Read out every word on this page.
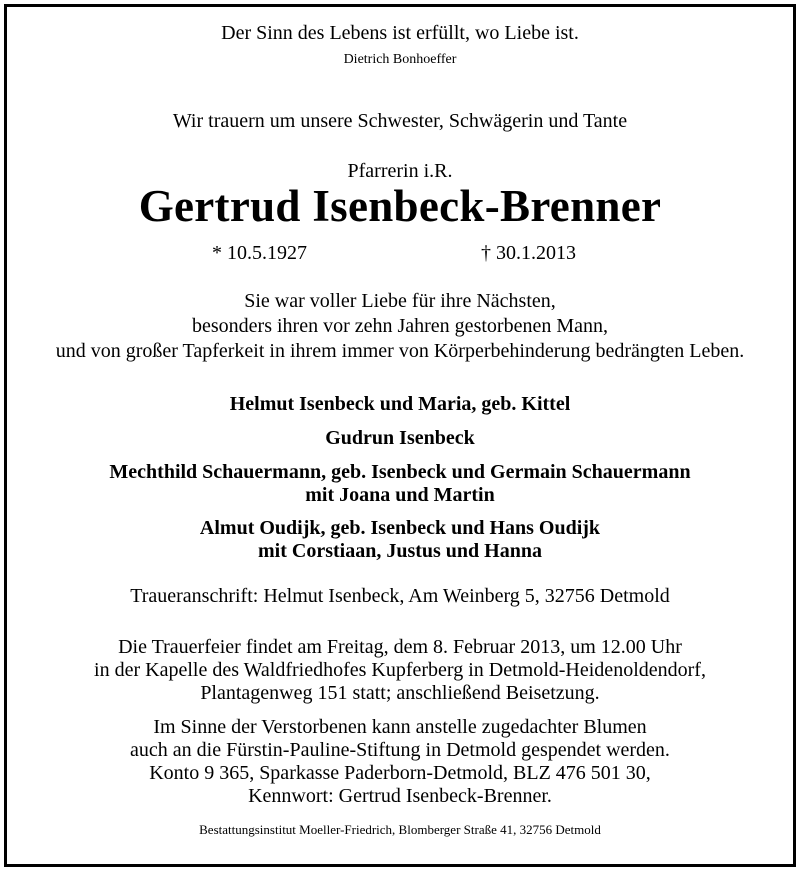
Der Sinn des Lebens ist erfüllt, wo Liebe ist.
Dietrich Bonhoeffer
Wir trauern um unsere Schwester, Schwägerin und Tante
Pfarrerin i.R.
Gertrud Isenbeck-Brenner
* 10.5.1927	† 30.1.2013
Sie war voller Liebe für ihre Nächsten,
besonders ihren vor zehn Jahren gestorbenen Mann,
und von großer Tapferkeit in ihrem immer von Körperbehinderung bedrängten Leben.
Helmut Isenbeck und Maria, geb. Kittel
Gudrun Isenbeck
Mechthild Schauermann, geb. Isenbeck und Germain Schauermann
mit Joana und Martin
Almut Oudijk, geb. Isenbeck und Hans Oudijk
mit Corstiaan, Justus und Hanna
Traueranschrift: Helmut Isenbeck, Am Weinberg 5, 32756 Detmold
Die Trauerfeier findet am Freitag, dem 8. Februar 2013, um 12.00 Uhr
in der Kapelle des Waldfriedhofes Kupferberg in Detmold-Heidenoldendorf,
Plantagenweg 151 statt; anschließend Beisetzung.
Im Sinne der Verstorbenen kann anstelle zugedachter Blumen
auch an die Fürstin-Pauline-Stiftung in Detmold gespendet werden.
Konto 9 365, Sparkasse Paderborn-Detmold, BLZ 476 501 30,
Kennwort: Gertrud Isenbeck-Brenner.
Bestattungsinstitut Moeller-Friedrich, Blomberger Straße 41, 32756 Detmold
